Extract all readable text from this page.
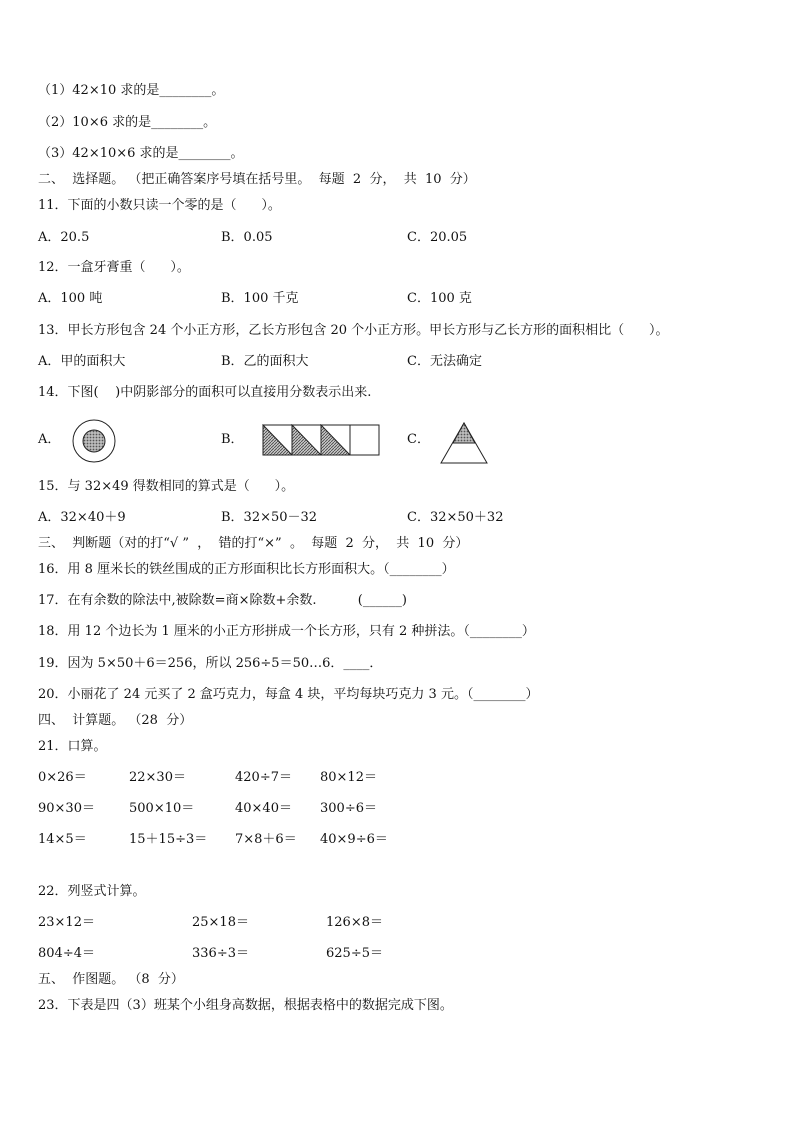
（1）42×10 求的是________。
（2）10×6 求的是________。
（3）42×10×6 求的是________。
二、  选择题。 （把正确答案序号填在括号里。  每题  2  分，  共  10  分）
11．下面的小数只读一个零的是（      ）。
A．20.5	B．0.05	C．20.05
12．一盒牙膏重（      ）。
A．100 吨	B．100 千克	C．100 克
13．甲长方形包含 24 个小正方形，乙长方形包含 20 个小正方形。甲长方形与乙长方形的面积相比（      ）。
A．甲的面积大	B．乙的面积大	C．无法确定
14．下图(    )中阴影部分的面积可以直接用分数表示出来.
A．	B．	C．
15．与 32×49 得数相同的算式是（      ）。
A．32×40＋9	B．32×50－32	C．32×50＋32
三、  判断题（对的打“√ ”  ，  错的打“×”  。  每题  2  分，  共  10  分）
16．用 8 厘米长的铁丝围成的正方形面积比长方形面积大。（________）
17．在有余数的除法中,被除数=商×除数+余数.          (______)
18．用 12 个边长为 1 厘米的小正方形拼成一个长方形，只有 2 种拼法。（________）
19．因为 5×50＋6＝256，所以 256÷5＝50…6．____．
20．小丽花了 24 元买了 2 盒巧克力，每盒 4 块，平均每块巧克力 3 元。（________）
四、  计算题。 （28  分）
21．口算。
0×26＝	22×30＝	420÷7＝ 80×12＝
90×30＝	500×10＝	40×40＝ 300÷6＝
14×5＝	15＋15÷3＝ 7×8＋6＝ 40×9÷6＝
22．列竖式计算。
23×12＝	25×18＝	126×8＝
804÷4＝	336÷3＝	625÷5＝
五、  作图题。 （8  分）
23．下表是四（3）班某个小组身高数据，根据表格中的数据完成下图。
